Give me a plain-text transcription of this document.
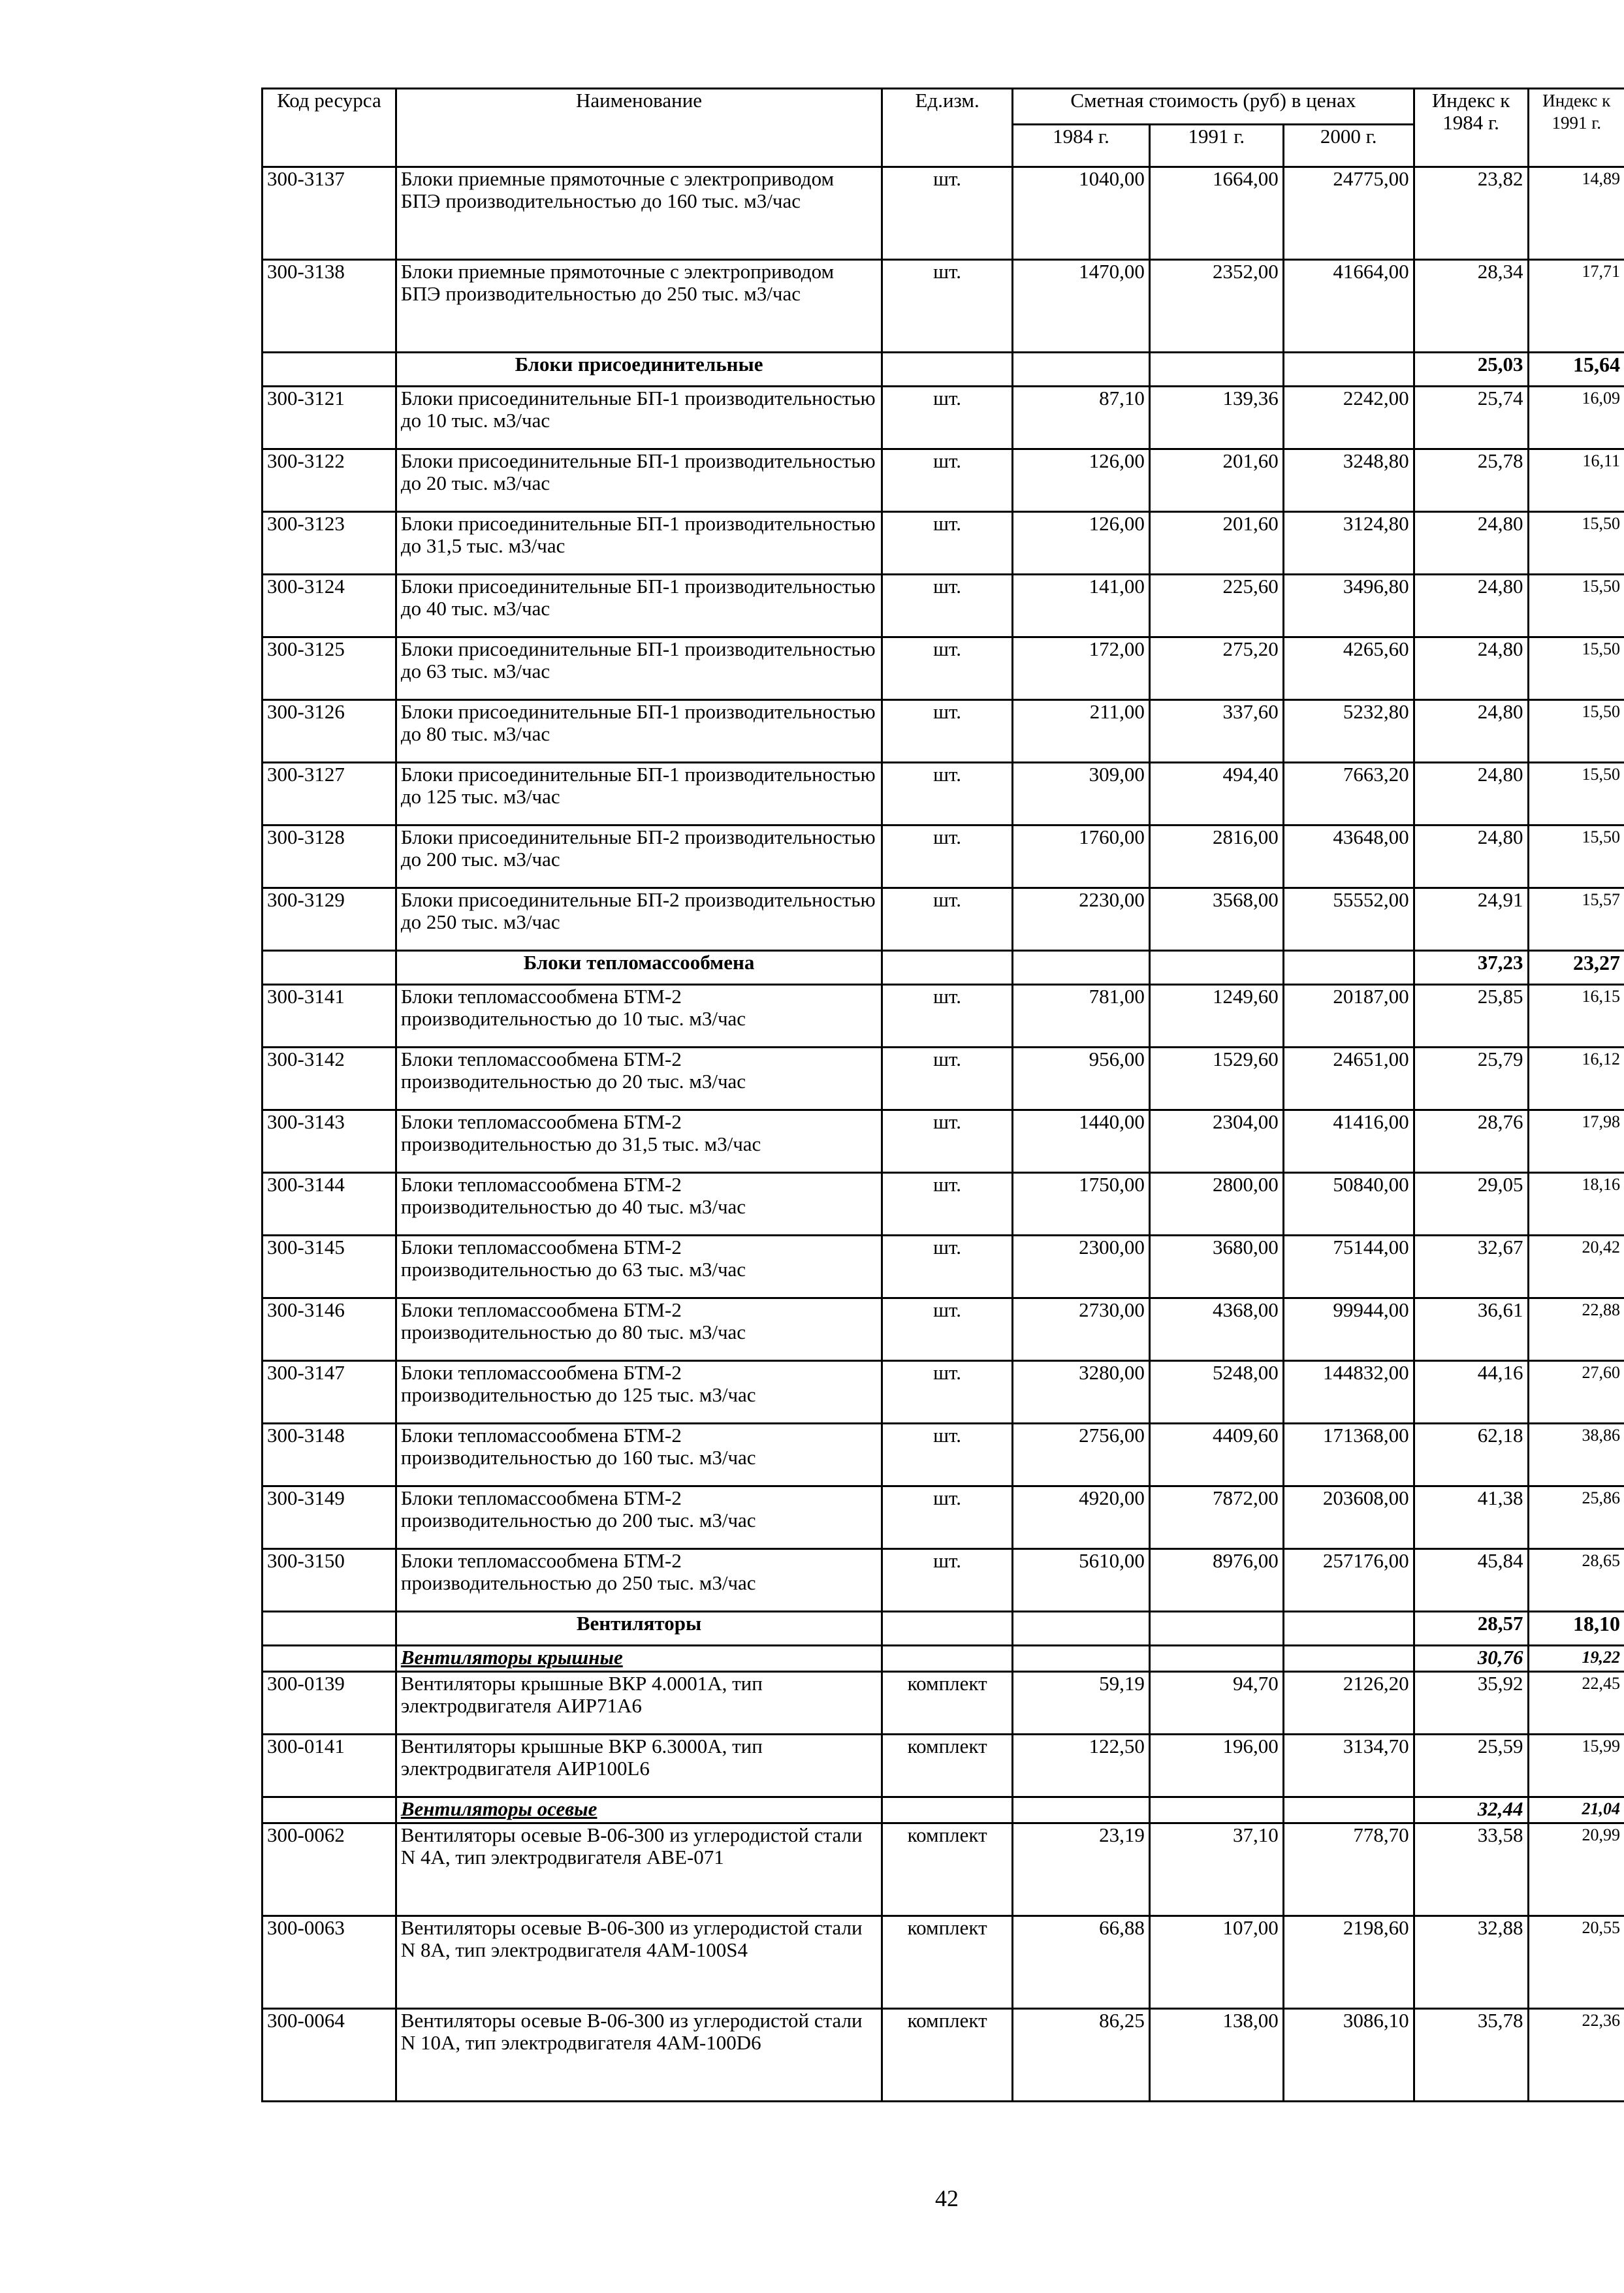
Код ресурса	Наименование	Ед.изм.	Сметная стоимость (руб) в ценах			Индекс к 1984 г.	Индекс к 1991 г.
			1984 г.	1991 г.	2000 г.		
300-3137	Блоки приемные прямоточные с электроприводом БПЭ производительностью до 160 тыс. м3/час	шт.	1040,00	1664,00	24775,00	23,82	14,89
300-3138	Блоки приемные прямоточные с электроприводом БПЭ производительностью до 250 тыс. м3/час	шт.	1470,00	2352,00	41664,00	28,34	17,71
	Блоки присоединительные					25,03	15,64
300-3121	Блоки присоединительные БП-1 производительностью до 10 тыс. м3/час	шт.	87,10	139,36	2242,00	25,74	16,09
300-3122	Блоки присоединительные БП-1 производительностью до 20 тыс. м3/час	шт.	126,00	201,60	3248,80	25,78	16,11
300-3123	Блоки присоединительные БП-1 производительностью до 31,5 тыс. м3/час	шт.	126,00	201,60	3124,80	24,80	15,50
300-3124	Блоки присоединительные БП-1 производительностью до 40 тыс. м3/час	шт.	141,00	225,60	3496,80	24,80	15,50
300-3125	Блоки присоединительные БП-1 производительностью до 63 тыс. м3/час	шт.	172,00	275,20	4265,60	24,80	15,50
300-3126	Блоки присоединительные БП-1 производительностью до 80 тыс. м3/час	шт.	211,00	337,60	5232,80	24,80	15,50
300-3127	Блоки присоединительные БП-1 производительностью до 125 тыс. м3/час	шт.	309,00	494,40	7663,20	24,80	15,50
300-3128	Блоки присоединительные БП-2 производительностью до 200 тыс. м3/час	шт.	1760,00	2816,00	43648,00	24,80	15,50
300-3129	Блоки присоединительные БП-2 производительностью до 250 тыс. м3/час	шт.	2230,00	3568,00	55552,00	24,91	15,57
	Блоки тепломассообмена					37,23	23,27
300-3141	Блоки тепломассообмена БТМ-2 производительностью до 10 тыс. м3/час	шт.	781,00	1249,60	20187,00	25,85	16,15
300-3142	Блоки тепломассообмена БТМ-2 производительностью до 20 тыс. м3/час	шт.	956,00	1529,60	24651,00	25,79	16,12
300-3143	Блоки тепломассообмена БТМ-2 производительностью до 31,5 тыс. м3/час	шт.	1440,00	2304,00	41416,00	28,76	17,98
300-3144	Блоки тепломассообмена БТМ-2 производительностью до 40 тыс. м3/час	шт.	1750,00	2800,00	50840,00	29,05	18,16
300-3145	Блоки тепломассообмена БТМ-2 производительностью до 63 тыс. м3/час	шт.	2300,00	3680,00	75144,00	32,67	20,42
300-3146	Блоки тепломассообмена БТМ-2 производительностью до 80 тыс. м3/час	шт.	2730,00	4368,00	99944,00	36,61	22,88
300-3147	Блоки тепломассообмена БТМ-2 производительностью до 125 тыс. м3/час	шт.	3280,00	5248,00	144832,00	44,16	27,60
300-3148	Блоки тепломассообмена БТМ-2 производительностью до 160 тыс. м3/час	шт.	2756,00	4409,60	171368,00	62,18	38,86
300-3149	Блоки тепломассообмена БТМ-2 производительностью до 200 тыс. м3/час	шт.	4920,00	7872,00	203608,00	41,38	25,86
300-3150	Блоки тепломассообмена БТМ-2 производительностью до 250 тыс. м3/час	шт.	5610,00	8976,00	257176,00	45,84	28,65
	Вентиляторы					28,57	18,10
	Вентиляторы крышные					30,76	19,22
300-0139	Вентиляторы крышные ВКР 4.0001А, тип электродвигателя АИР71А6	комплект	59,19	94,70	2126,20	35,92	22,45
300-0141	Вентиляторы крышные ВКР 6.3000А, тип электродвигателя АИР100L6	комплект	122,50	196,00	3134,70	25,59	15,99
	Вентиляторы осевые					32,44	21,04
300-0062	Вентиляторы осевые В-06-300 из углеродистой стали N 4А, тип электродвигателя АВЕ-071	комплект	23,19	37,10	778,70	33,58	20,99
300-0063	Вентиляторы осевые В-06-300 из углеродистой стали N 8А, тип электродвигателя 4АМ-100S4	комплект	66,88	107,00	2198,60	32,88	20,55
300-0064	Вентиляторы осевые В-06-300 из углеродистой стали N 10А, тип электродвигателя 4АМ-100D6	комплект	86,25	138,00	3086,10	35,78	22,36
42
